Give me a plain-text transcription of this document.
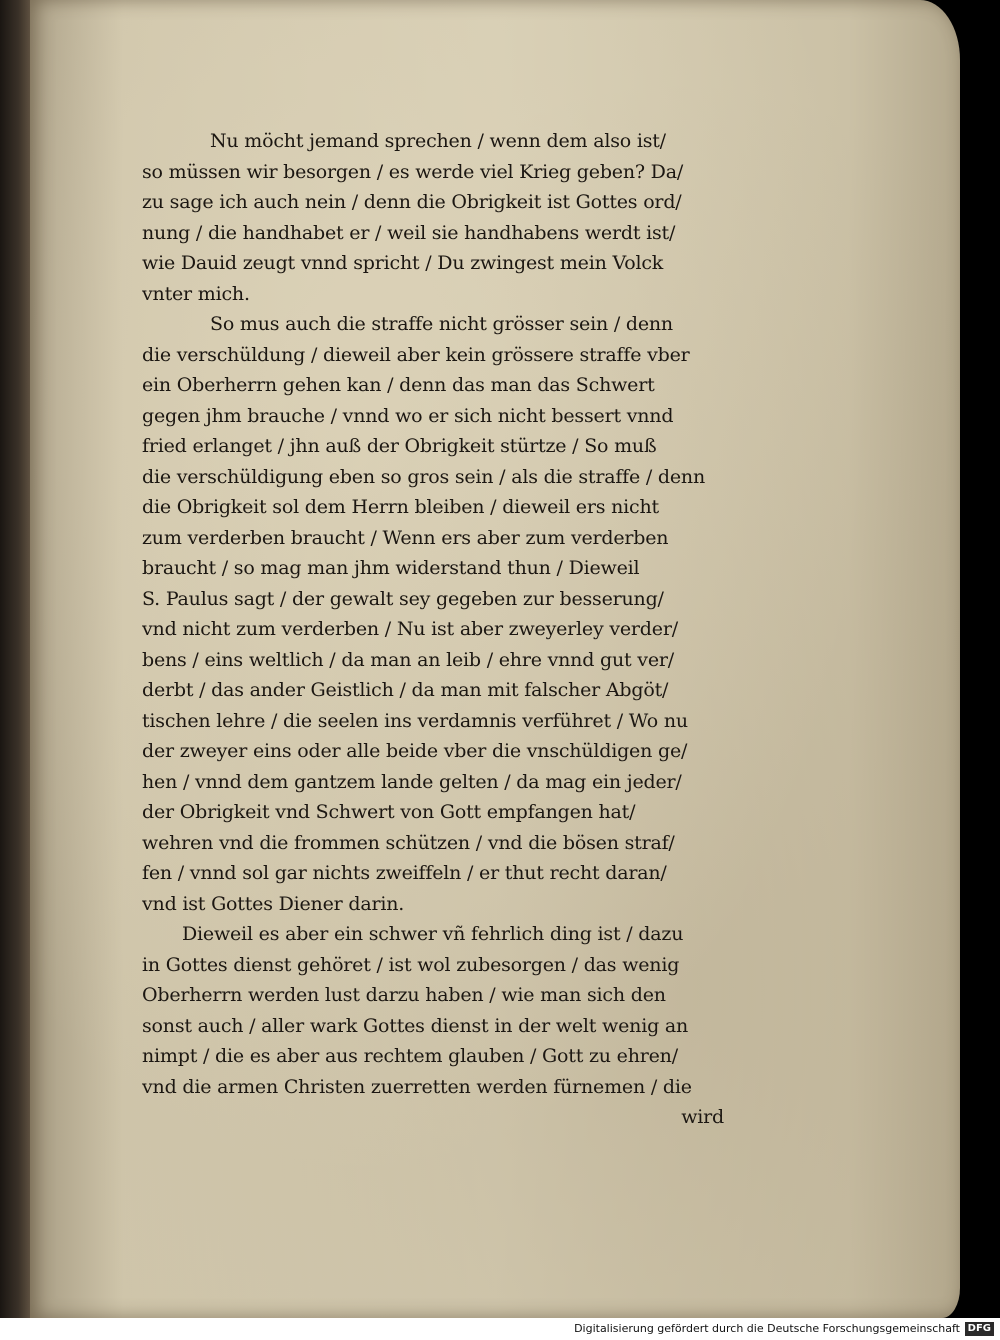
Nu möcht jemand sprechen / wenn dem also ist/
so müssen wir besorgen / es werde viel Krieg geben? Da/
zu sage ich auch nein / denn die Obrigkeit ist Gottes ord/
nung / die handhabet er / weil sie handhabens werdt ist/
wie Dauid zeugt vnnd spricht / Du zwingest mein Volck
vnter mich.
So mus auch die straffe nicht grösser sein / denn
die verschüldung / dieweil aber kein grössere straffe vber
ein Oberherrn gehen kan / denn das man das Schwert
gegen jhm brauche / vnnd wo er sich nicht bessert vnnd
fried erlanget / jhn auß der Obrigkeit stürtze / So muß
die verschüldigung eben so gros sein / als die straffe / denn
die Obrigkeit sol dem Herrn bleiben / dieweil ers nicht
zum verderben braucht / Wenn ers aber zum verderben
braucht / so mag man jhm widerstand thun / Dieweil
S. Paulus sagt / der gewalt sey gegeben zur besserung/
vnd nicht zum verderben / Nu ist aber zweyerley verder/
bens / eins weltlich / da man an leib / ehre vnnd gut ver/
derbt / das ander Geistlich / da man mit falscher Abgöt/
tischen lehre / die seelen ins verdamnis verführet / Wo nu
der zweyer eins oder alle beide vber die vnschüldigen ge/
hen / vnnd dem gantzem lande gelten / da mag ein jeder/
der Obrigkeit vnd Schwert von Gott empfangen hat/
wehren vnd die frommen schützen / vnd die bösen straf/
fen / vnnd sol gar nichts zweiffeln / er thut recht daran/
vnd ist Gottes Diener darin.
Dieweil es aber ein schwer vñ fehrlich ding ist / dazu
in Gottes dienst gehöret / ist wol zubesorgen / das wenig
Oberherrn werden lust darzu haben / wie man sich den
sonst auch / aller wark Gottes dienst in der welt wenig an
nimpt / die es aber aus rechtem glauben / Gott zu ehren/
vnd die armen Christen zuerretten werden fürnemen / die
wird
Digitalisierung gefördert durch die Deutsche Forschungsgemeinschaft DFG
